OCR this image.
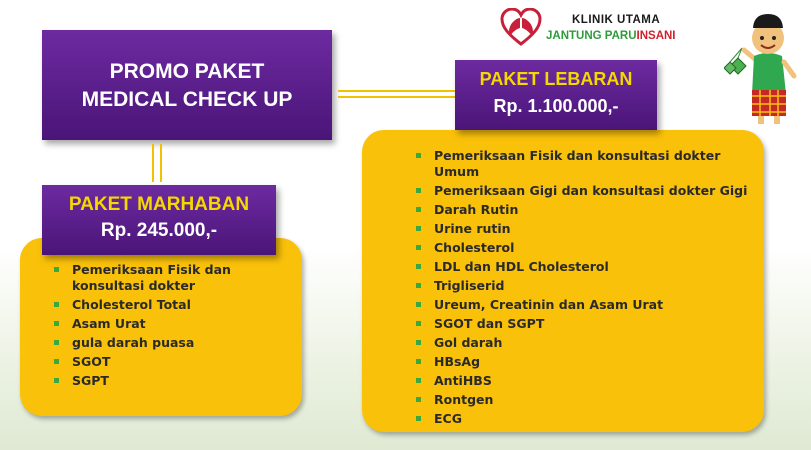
KLINIK UTAMA
JANTUNG PARUINSANI
PROMO PAKET
MEDICAL CHECK UP
Pemeriksaan Fisik dan konsultasi dokter
Cholesterol Total
Asam Urat
gula darah puasa
SGOT
SGPT
PAKET MARHABAN
Rp. 245.000,-
Pemeriksaan Fisik dan konsultasi dokter Umum
Pemeriksaan Gigi dan konsultasi dokter Gigi
Darah Rutin
Urine rutin
Cholesterol
LDL dan HDL Cholesterol
Trigliserid
Ureum, Creatinin dan Asam Urat
SGOT dan SGPT
Gol darah
HBsAg
AntiHBS
Rontgen
ECG
PAKET LEBARAN
Rp. 1.100.000,-
